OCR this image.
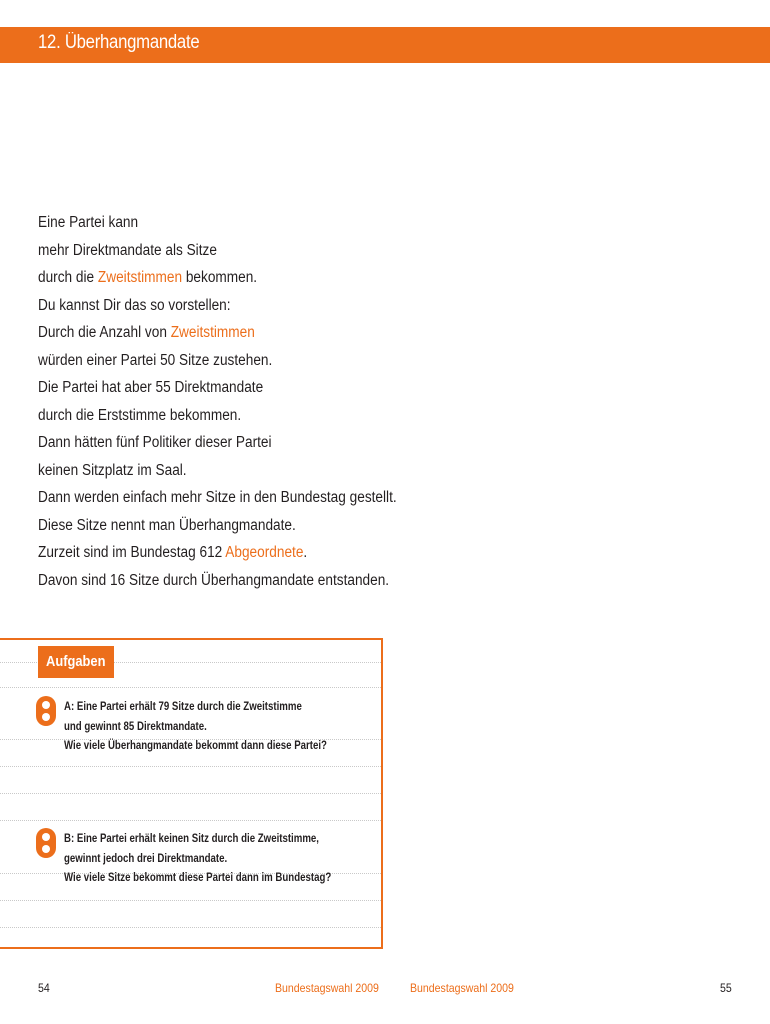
12. Überhangmandate
Eine Partei kann
mehr Direktmandate als Sitze
durch die Zweitstimmen bekommen.
Du kannst Dir das so vorstellen:
Durch die Anzahl von Zweitstimmen
würden einer Partei 50 Sitze zustehen.
Die Partei hat aber 55 Direktmandate
durch die Erststimme bekommen.
Dann hätten fünf Politiker dieser Partei
keinen Sitzplatz im Saal.
Dann werden einfach mehr Sitze in den Bundestag gestellt.
Diese Sitze nennt man Überhangmandate.
Zurzeit sind im Bundestag 612 Abgeordnete.
Davon sind 16 Sitze durch Überhangmandate entstanden.
Aufgaben
A: Eine Partei erhält 79 Sitze durch die Zweitstimme
und gewinnt 85 Direktmandate.
Wie viele Überhangmandate bekommt dann diese Partei?
B: Eine Partei erhält keinen Sitz durch die Zweitstimme,
gewinnt jedoch drei Direktmandate.
Wie viele Sitze bekommt diese Partei dann im Bundestag?
54	Bundestagswahl 2009	Bundestagswahl 2009	55
